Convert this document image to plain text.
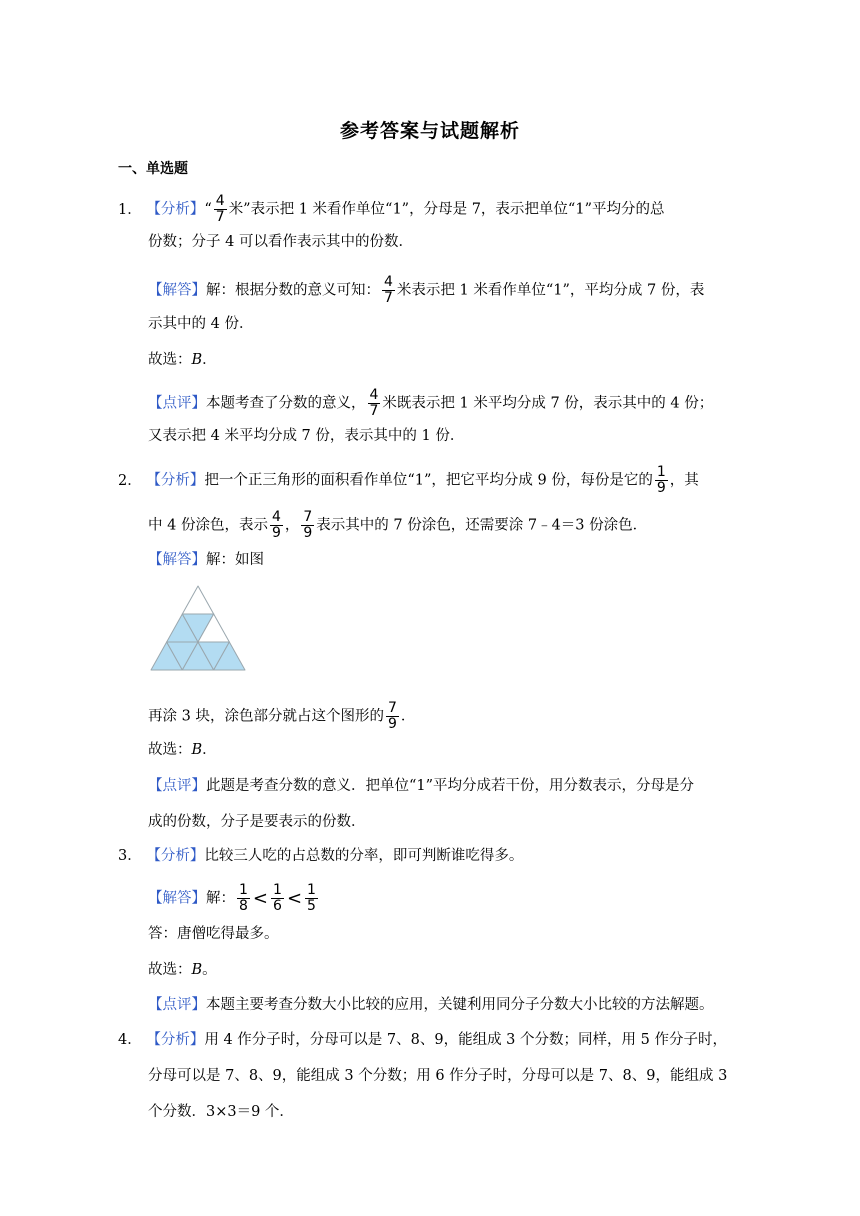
参考答案与试题解析
一、单选题
1． 【分析】“ $\frac{4}{7}$ 米”表示把 1 米看作单位“1”，分母是 7，表示把单位“1”平均分的总
份数；分子 4 可以看作表示其中的份数．
【解答】解：根据分数的意义可知： $\frac{4}{7}$ 米表示把 1 米看作单位“1”，平均分成 7 份，表
示其中的 4 份．
故选：B．
【点评】本题考查了分数的意义， $\frac{4}{7}$ 米既表示把 1 米平均分成 7 份，表示其中的 4 份；
又表示把 4 米平均分成 7 份，表示其中的 1 份．
2． 【分析】把一个正三角形的面积看作单位“1”，把它平均分成 9 份，每份是它的 $\frac{1}{9}$ ，其
中 4 份涂色，表示 $\frac{4}{9}$ ， $\frac{7}{9}$ 表示其中的 7 份涂色，还需要涂 7﹣4＝3 份涂色．
【解答】解：如图
再涂 3 块，涂色部分就占这个图形的 $\frac{7}{9}$ ．
故选：B．
【点评】此题是考查分数的意义．把单位“1”平均分成若干份，用分数表示，分母是分
成的份数，分子是要表示的份数．
3． 【分析】比较三人吃的占总数的分率，即可判断谁吃得多。
【解答】解： $\frac{1}{8} < \frac{1}{6} < \frac{1}{5}$
答：唐僧吃得最多。
故选：B。
【点评】本题主要考查分数大小比较的应用，关键利用同分子分数大小比较的方法解题。
4． 【分析】用 4 作分子时，分母可以是 7、8、9，能组成 3 个分数；同样，用 5 作分子时，
分母可以是 7、8、9，能组成 3 个分数；用 6 作分子时，分母可以是 7、8、9，能组成 3
个分数．3×3＝9 个．
